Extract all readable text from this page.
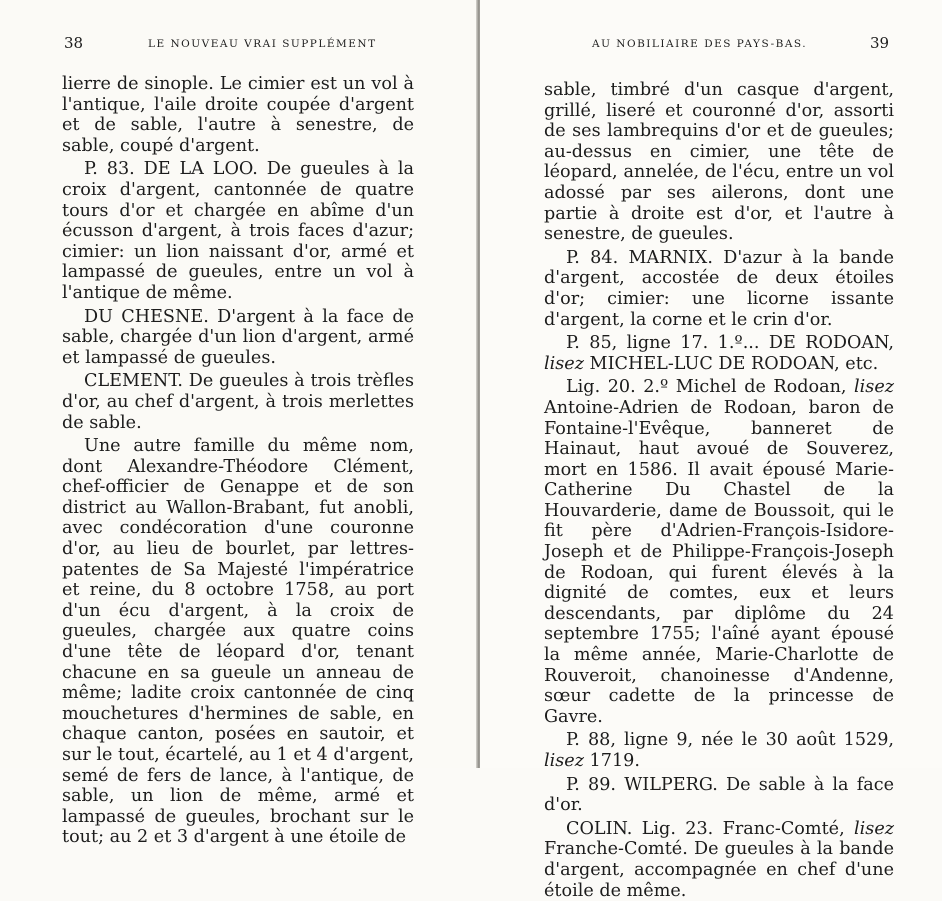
38	LE NOUVEAU VRAI SUPPLÉMENT

lierre de sinople. Le cimier est un vol à l'antique, l'aile droite coupée d'argent et de sable, l'autre à senestre, de sable, coupé d'argent.

P. 83. DE LA LOO. De gueules à la croix d'argent, cantonnée de quatre tours d'or et chargée en abîme d'un écusson d'argent, à trois faces d'azur; cimier: un lion naissant d'or, armé et lampassé de gueules, entre un vol à l'antique de même.

DU CHESNE. D'argent à la face de sable, chargée d'un lion d'argent, armé et lampassé de gueules.

CLEMENT. De gueules à trois trèfles d'or, au chef d'argent, à trois merlettes de sable.

Une autre famille du même nom, dont Alexandre-Théodore Clément, chef-officier de Genappe et de son district au Wallon-Brabant, fut anobli, avec condécoration d'une couronne d'or, au lieu de bourlet, par lettres-patentes de Sa Majesté l'impératrice et reine, du 8 octobre 1758, au port d'un écu d'argent, à la croix de gueules, chargée aux quatre coins d'une tête de léopard d'or, tenant chacune en sa gueule un anneau de même; ladite croix cantonnée de cinq mouchetures d'hermines de sable, en chaque canton, posées en sautoir, et sur le tout, écartelé, au 1 et 4 d'argent, semé de fers de lance, à l'antique, de sable, un lion de même, armé et lampassé de gueules, brochant sur le tout; au 2 et 3 d'argent à une étoile de

AU NOBILIAIRE DES PAYS-BAS.	39

sable, timbré d'un casque d'argent, grillé, liseré et couronné d'or, assorti de ses lambrequins d'or et de gueules; au-dessus en cimier, une tête de léopard, annelée, de l'écu, entre un vol adossé par ses ailerons, dont une partie à droite est d'or, et l'autre à senestre, de gueules.

P. 84. MARNIX. D'azur à la bande d'argent, accostée de deux étoiles d'or; cimier: une licorne issante d'argent, la corne et le crin d'or.

P. 85, ligne 17. 1.º... DE RODOAN, lisez MICHEL-LUC DE RODOAN, etc.

Lig. 20. 2.º Michel de Rodoan, lisez Antoine-Adrien de Rodoan, baron de Fontaine-l'Evêque, banneret de Hainaut, haut avoué de Souverez, mort en 1586. Il avait épousé Marie-Catherine Du Chastel de la Houvarderie, dame de Boussoit, qui le fit père d'Adrien-François-Isidore-Joseph et de Philippe-François-Joseph de Rodoan, qui furent élevés à la dignité de comtes, eux et leurs descendants, par diplôme du 24 septembre 1755; l'aîné ayant épousé la même année, Marie-Charlotte de Rouveroit, chanoinesse d'Andenne, sœur cadette de la princesse de Gavre.

P. 88, ligne 9, née le 30 août 1529, lisez 1719.

P. 89. WILPERG. De sable à la face d'or.

COLIN. Lig. 23. Franc-Comté, lisez Franche-Comté. De gueules à la bande d'argent, accompagnée en chef d'une étoile de même.
